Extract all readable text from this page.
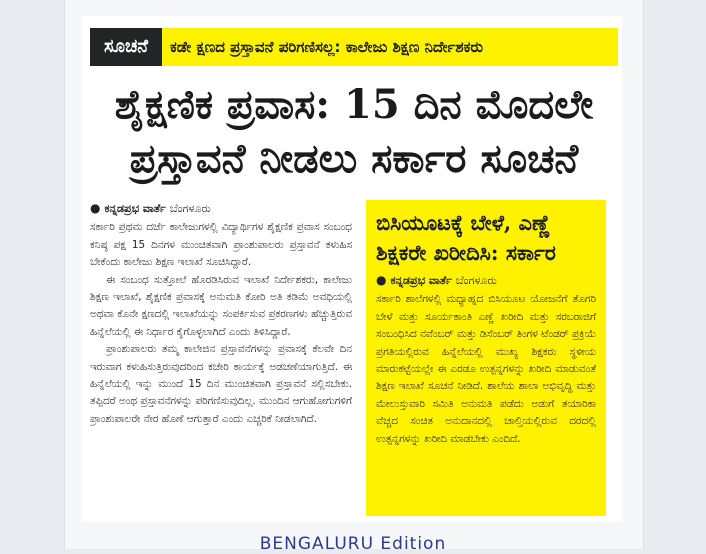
ಸೂಚನೆ	ಕಡೇ ಕ್ಷಣದ ಪ್ರಸ್ತಾವನೆ ಪರಿಗಣಿಸಲ್ಲ: ಕಾಲೇಜು ಶಿಕ್ಷಣ ನಿರ್ದೇಶಕರು
ಶೈಕ್ಷಣಿಕ ಪ್ರವಾಸ: 15 ದಿನ ಮೊದಲೇ
ಪ್ರಸ್ತಾವನೆ ನೀಡಲು ಸರ್ಕಾರ ಸೂಚನೆ
● ಕನ್ನಡಪ್ರಭ ವಾರ್ತೆ ಬೆಂಗಳೂರು

ಸರ್ಕಾರಿ ಪ್ರಥಮ ದರ್ಜೆ ಕಾಲೇಜುಗಳಲ್ಲಿ ವಿದ್ಯಾರ್ಥಿಗಳ ಶೈಕ್ಷಣಿಕ ಪ್ರವಾಸ ಸಂಬಂಧ ಕನಿಷ್ಠ ಪಕ್ಷ 15 ದಿನಗಳ ಮುಂಚಿತವಾಗಿ ಪ್ರಾಂಶುಪಾಲರು ಪ್ರಸ್ತಾವನೆ ಕಳುಹಿಸ ಬೇಕೆಂದು ಕಾಲೇಜು ಶಿಕ್ಷಣ ಇಲಾಖೆ ಸೂಚಿಸಿದ್ದಾರೆ.

ಈ ಸಂಬಂಧ ಸುತ್ತೋಲೆ ಹೊರಡಿಸಿರುವ ಇಲಾಖೆ ನಿರ್ದೇಶಕರು, ಕಾಲೇಜು ಶಿಕ್ಷಣ ಇಲಾಖೆ, ಶೈಕ್ಷಣಿಕ ಪ್ರವಾಸಕ್ಕೆ ಅನುಮತಿ ಕೋರಿ ಅತಿ ಕಡಿಮೆ ಅವಧಿಯಲ್ಲಿ ಅಥವಾ ಕೊನೇ ಕ್ಷಣದಲ್ಲಿ ಇಲಾಖೆಯನ್ನು ಸಂಪರ್ಕಿಸುವ ಪ್ರಕರಣಗಳು ಹೆಚ್ಚುತ್ತಿರುವ ಹಿನ್ನೆಲೆಯಲ್ಲಿ ಈ ನಿರ್ಧಾರ ಕೈಗೊಳ್ಳಲಾಗಿದೆ ಎಂದು ತಿಳಿಸಿದ್ದಾರೆ.

ಪ್ರಾಂಶುಪಾಲರು ತಮ್ಮ ಕಾಲೇಜಿನ ಪ್ರಸ್ತಾವನೆಗಳನ್ನು ಪ್ರವಾಸಕ್ಕೆ ಕೆಲವೇ ದಿನ ಇರುವಾಗ ಕಳುಹಿಸುತ್ತಿರುವುದರಿಂದ ಕಚೇರಿ ಕಾರ್ಯಕ್ಕೆ ಅಡಚಣೆಯಾಗುತ್ತಿದೆ. ಈ ಹಿನ್ನೆಲೆಯಲ್ಲಿ ಇನ್ನು ಮುಂದೆ 15 ದಿನ ಮುಂಚಿತವಾಗಿ ಪ್ರಸ್ತಾವನೆ ಸಲ್ಲಿಸಬೇಕು. ತಪ್ಪಿದರೆ ಅಂಥ ಪ್ರಸ್ತಾವನೆಗಳನ್ನು ಪರಿಗಣಿಸುವುದಿಲ್ಲ. ಮುಂದಿನ ಆಗುಹೋಗುಗಳಿಗೆ ಪ್ರಾಂಶುಪಾಲರೇ ನೇರ ಹೊಣೆ ಆಗುತ್ತಾರೆ ಎಂದು ಎಚ್ಚರಿಕೆ ನೀಡಲಾಗಿದೆ.

ಬಿಸಿಯೂಟಕ್ಕೆ ಬೇಳೆ, ಎಣ್ಣೆ
ಶಿಕ್ಷಕರೇ ಖರೀದಿಸಿ: ಸರ್ಕಾರ
● ಕನ್ನಡಪ್ರಭ ವಾರ್ತೆ ಬೆಂಗಳೂರು

ಸರ್ಕಾರಿ ಶಾಲೆಗಳಲ್ಲಿ ಮಧ್ಯಾಹ್ನದ ಬಿಸಿಯೂಟ ಯೋಜನೆಗೆ ತೊಗರಿ ಬೇಳೆ ಮತ್ತು ಸೂರ್ಯಕಾಂತಿ ಎಣ್ಣೆ ಖರೀದಿ ಮತ್ತು ಸರಬರಾಜಿಗೆ ಸಂಬಂಧಿಸಿದ ನವೆಂಬರ್ ಮತ್ತು ಡಿಸೆಂಬರ್ ತಿಂಗಳ ಟೆಂಡರ್ ಪ್ರಕ್ರಿಯೆ ಪ್ರಗತಿಯಲ್ಲಿರುವ ಹಿನ್ನೆಲೆಯಲ್ಲಿ ಮುಖ್ಯ ಶಿಕ್ಷಕರು ಸ್ಥಳೀಯ ಮಾರುಕಟ್ಟೆಯಲ್ಲೇ ಈ ಎರಡೂ ಉತ್ಪನ್ನಗಳನ್ನು ಖರೀದಿ ಮಾಡುವಂತೆ ಶಿಕ್ಷಣ ಇಲಾಖೆ ಸೂಚನೆ ನೀಡಿದೆ. ಶಾಲೆಯ ಶಾಲಾ ಅಭಿವೃದ್ಧಿ ಮತ್ತು ಮೇಲುಸ್ತುವಾರಿ ಸಮಿತಿ ಅನುಮತಿ ಪಡೆದು ಅಡುಗೆ ತಯಾರಿಕಾ ವೆಚ್ಚದ ಸಂಚಿತ ಅನುದಾನದಲ್ಲಿ ಚಾಲ್ತಿಯಲ್ಲಿರುವ ದರದಲ್ಲಿ ಉತ್ಪನ್ನಗಳನ್ನು ಖರೀದಿ ಮಾಡಬೇಕು ಎಂದಿದೆ.

BENGALURU Edition
